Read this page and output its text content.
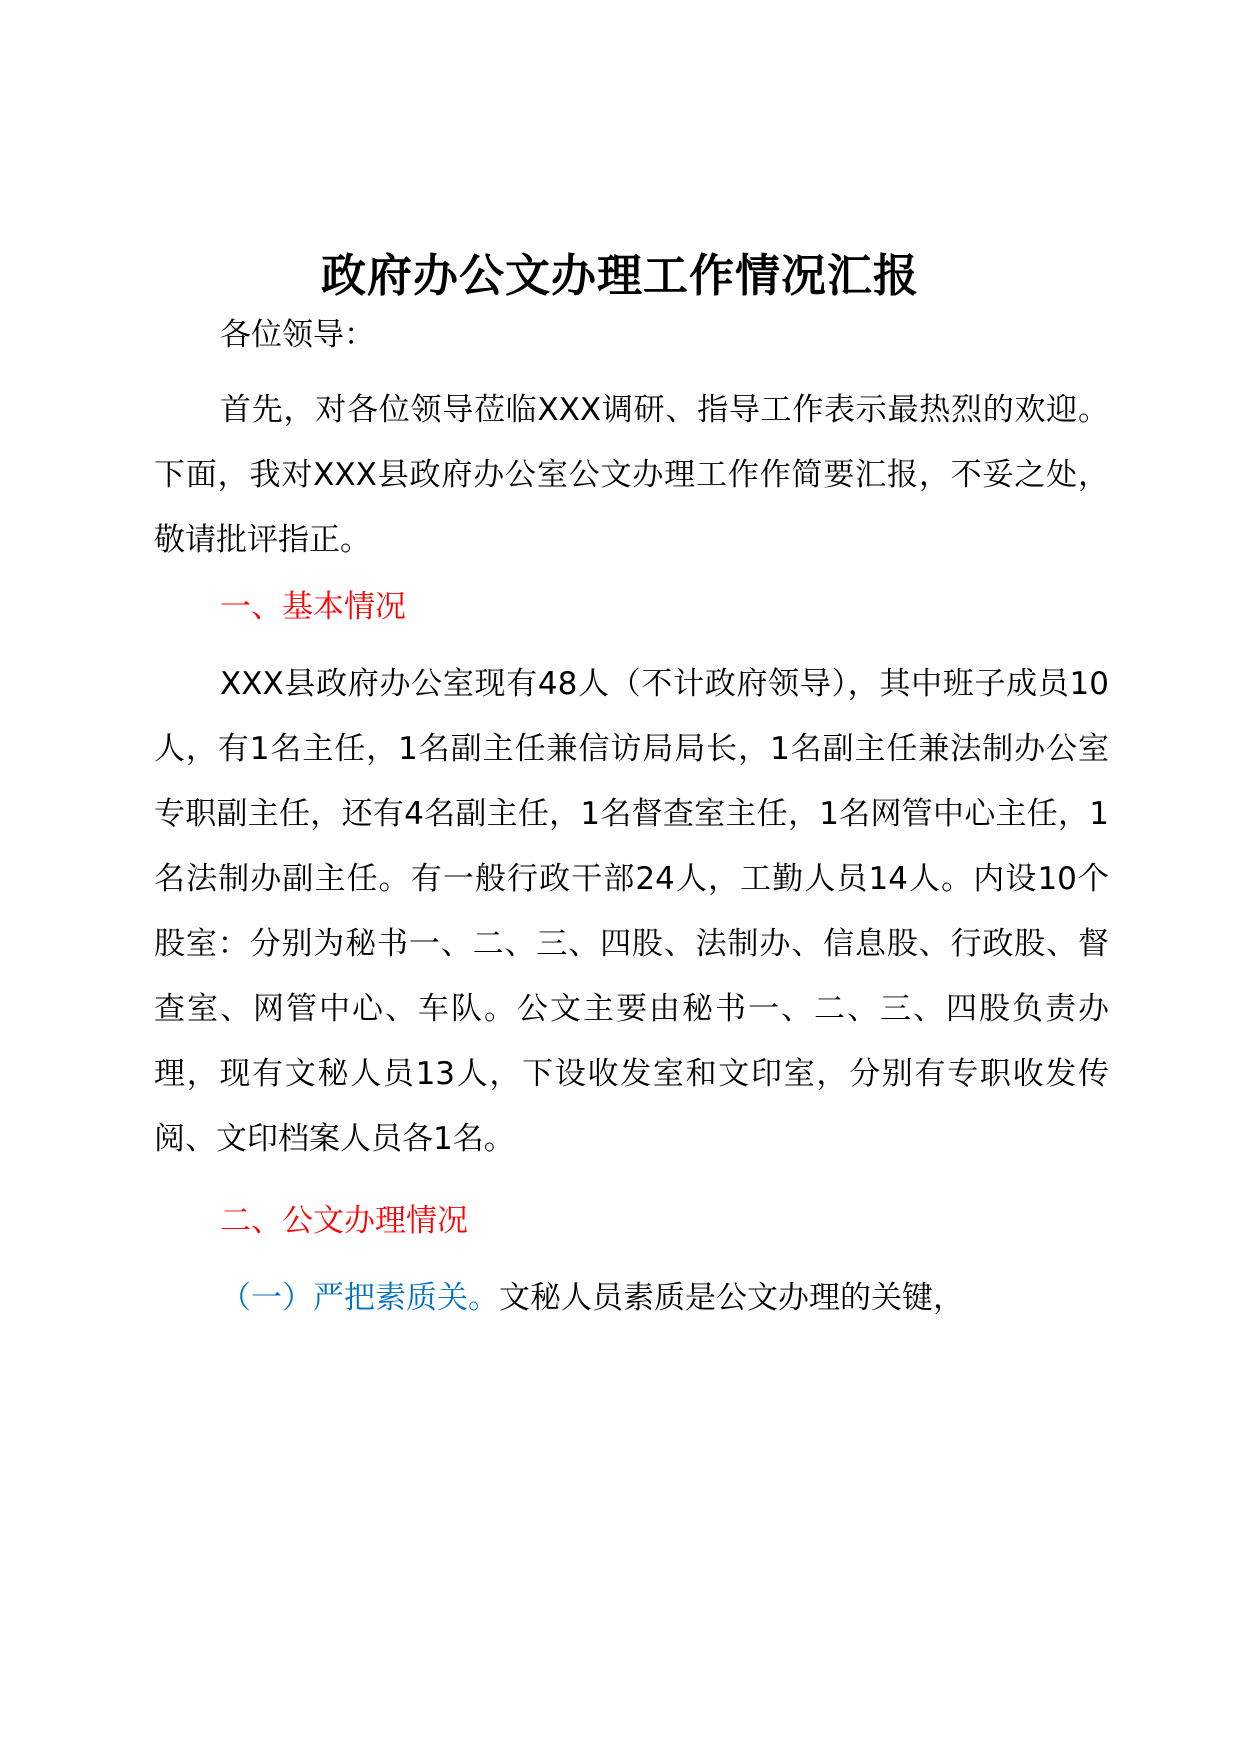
政府办公文办理工作情况汇报

各位领导：

首先，对各位领导莅临XXX调研、指导工作表示最热烈的欢迎。下面，我对XXX县政府办公室公文办理工作作简要汇报，不妥之处，敬请批评指正。

一、基本情况

XXX县政府办公室现有48人（不计政府领导），其中班子成员10人，有1名主任，1名副主任兼信访局局长，1名副主任兼法制办公室专职副主任，还有4名副主任，1名督查室主任，1名网管中心主任，1名法制办副主任。有一般行政干部24人，工勤人员14人。内设10个股室：分别为秘书一、二、三、四股、法制办、信息股、行政股、督查室、网管中心、车队。公文主要由秘书一、二、三、四股负责办理，现有文秘人员13人，下设收发室和文印室，分别有专职收发传阅、文印档案人员各1名。

二、公文办理情况

（一）严把素质关。文秘人员素质是公文办理的关键，
